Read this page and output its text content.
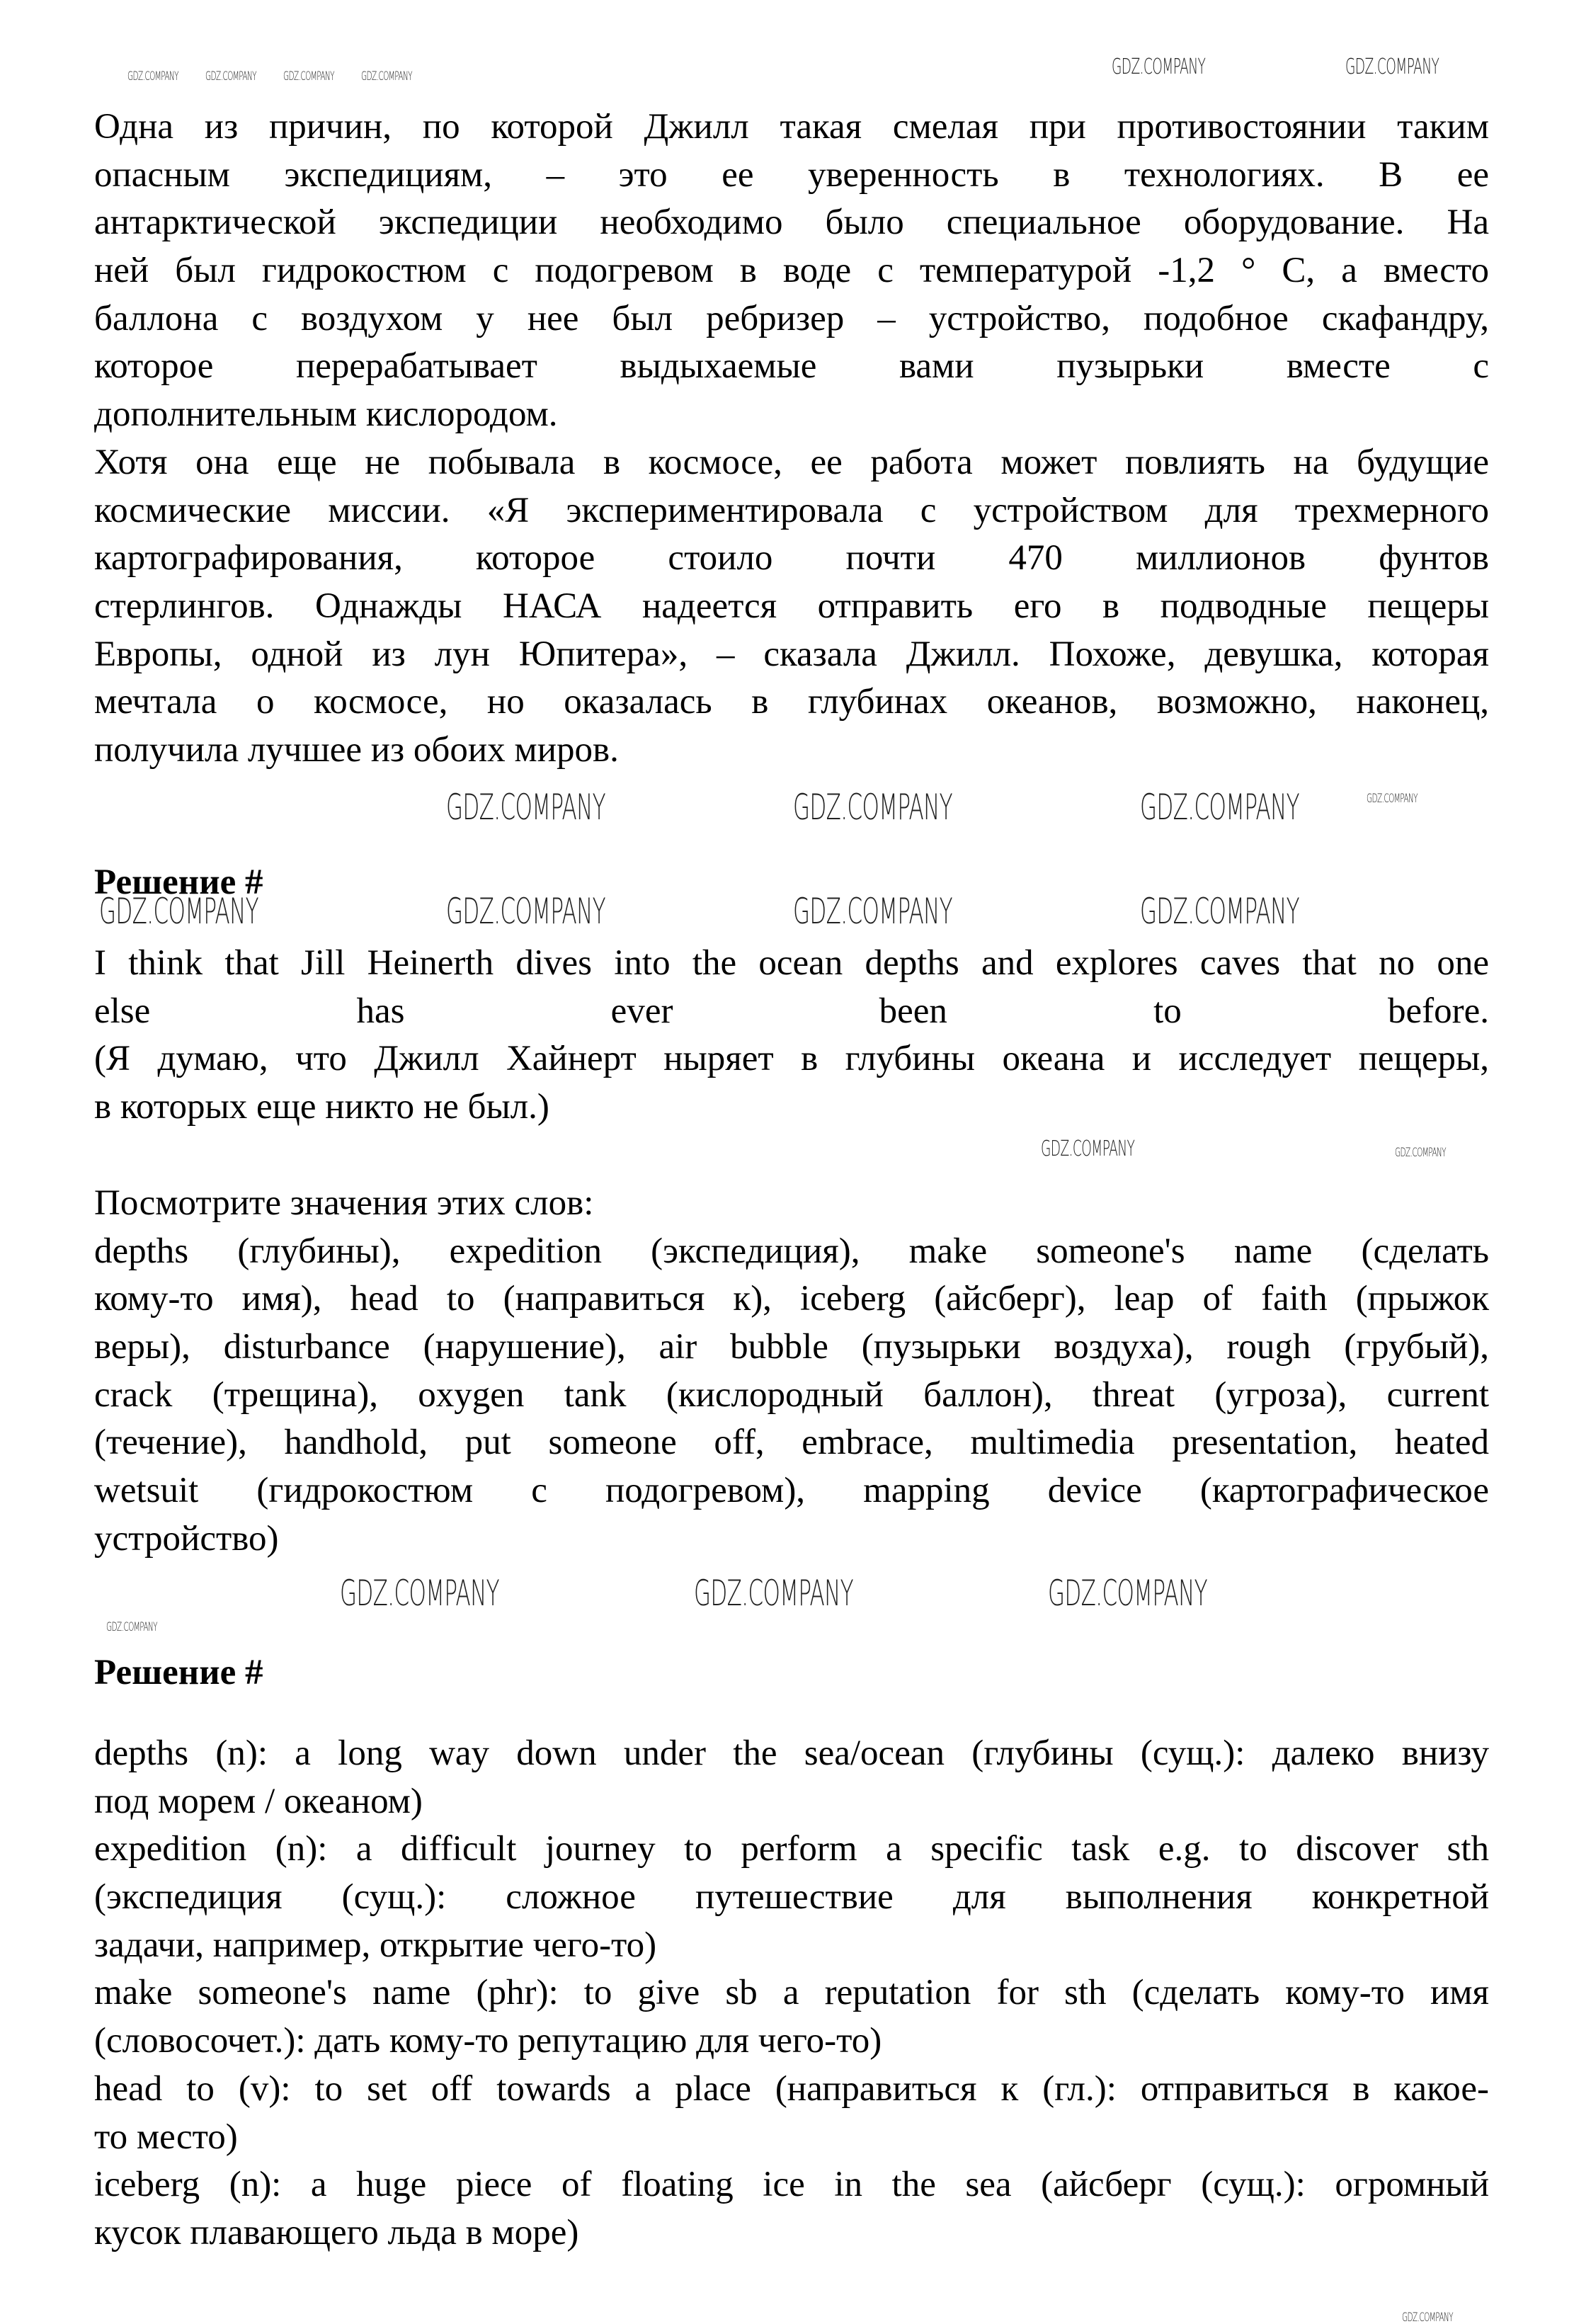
Одна из причин, по которой Джилл такая смелая при противостоянии таким
опасным экспедициям, – это ее уверенность в технологиях. В ее
антарктической экспедиции необходимо было специальное оборудование. На
ней был гидрокостюм с подогревом в воде с температурой -1,2 ° C, а вместо
баллона с воздухом у нее был ребризер – устройство, подобное скафандру,
которое перерабатывает выдыхаемые вами пузырьки вместе с
дополнительным кислородом.
Хотя она еще не побывала в космосе, ее работа может повлиять на будущие
космические миссии. «Я экспериментировала с устройством для трехмерного
картографирования, которое стоило почти 470 миллионов фунтов
стерлингов. Однажды НАСА надеется отправить его в подводные пещеры
Европы, одной из лун Юпитера», – сказала Джилл. Похоже, девушка, которая
мечтала о космосе, но оказалась в глубинах океанов, возможно, наконец,
получила лучшее из обоих миров.
Решение #
I think that Jill Heinerth dives into the ocean depths and explores caves that no one
else has ever been to before.
(Я думаю, что Джилл Хайнерт ныряет в глубины океана и исследует пещеры,
в которых еще никто не был.)
Посмотрите значения этих слов:
depths (глубины), expedition (экспедиция), make someone's name (сделать
кому-то имя), head to (направиться к), iceberg (айсберг), leap of faith (прыжок
веры), disturbance (нарушение), air bubble (пузырьки воздуха), rough (грубый),
crack (трещина), oxygen tank (кислородный баллон), threat (угроза), current
(течение), handhold, put someone off, embrace, multimedia presentation, heated
wetsuit (гидрокостюм с подогревом), mapping device (картографическое
устройство)
Решение #
depths (n): a long way down under the sea/ocean (глубины (сущ.): далеко внизу
под морем / океаном)
expedition (n): a difficult journey to perform a specific task e.g. to discover sth
(экспедиция (сущ.): сложное путешествие для выполнения конкретной
задачи, например, открытие чего-то)
make someone's name (phr): to give sb a reputation for sth (сделать кому-то имя
(словосочет.): дать кому-то репутацию для чего-то)
head to (v): to set off towards a place (направиться к (гл.): отправиться в какое-
то место)
iceberg (n): a huge piece of floating ice in the sea (айсберг (сущ.): огромный
кусок плавающего льда в море)
GDZ.COMPANY GDZ.COMPANY GDZ.COMPANY GDZ.COMPANY	GDZ.COMPANY	GDZ.COMPANY
GDZ.COMPANY	GDZ.COMPANY	GDZ.COMPANY	GDZ.COMPANY
GDZ.COMPANY	GDZ.COMPANY	GDZ.COMPANY	GDZ.COMPANY
GDZ.COMPANY	GDZ.COMPANY
GDZ.COMPANY	GDZ.COMPANY	GDZ.COMPANY
GDZ.COMPANY
GDZ.COMPANY
